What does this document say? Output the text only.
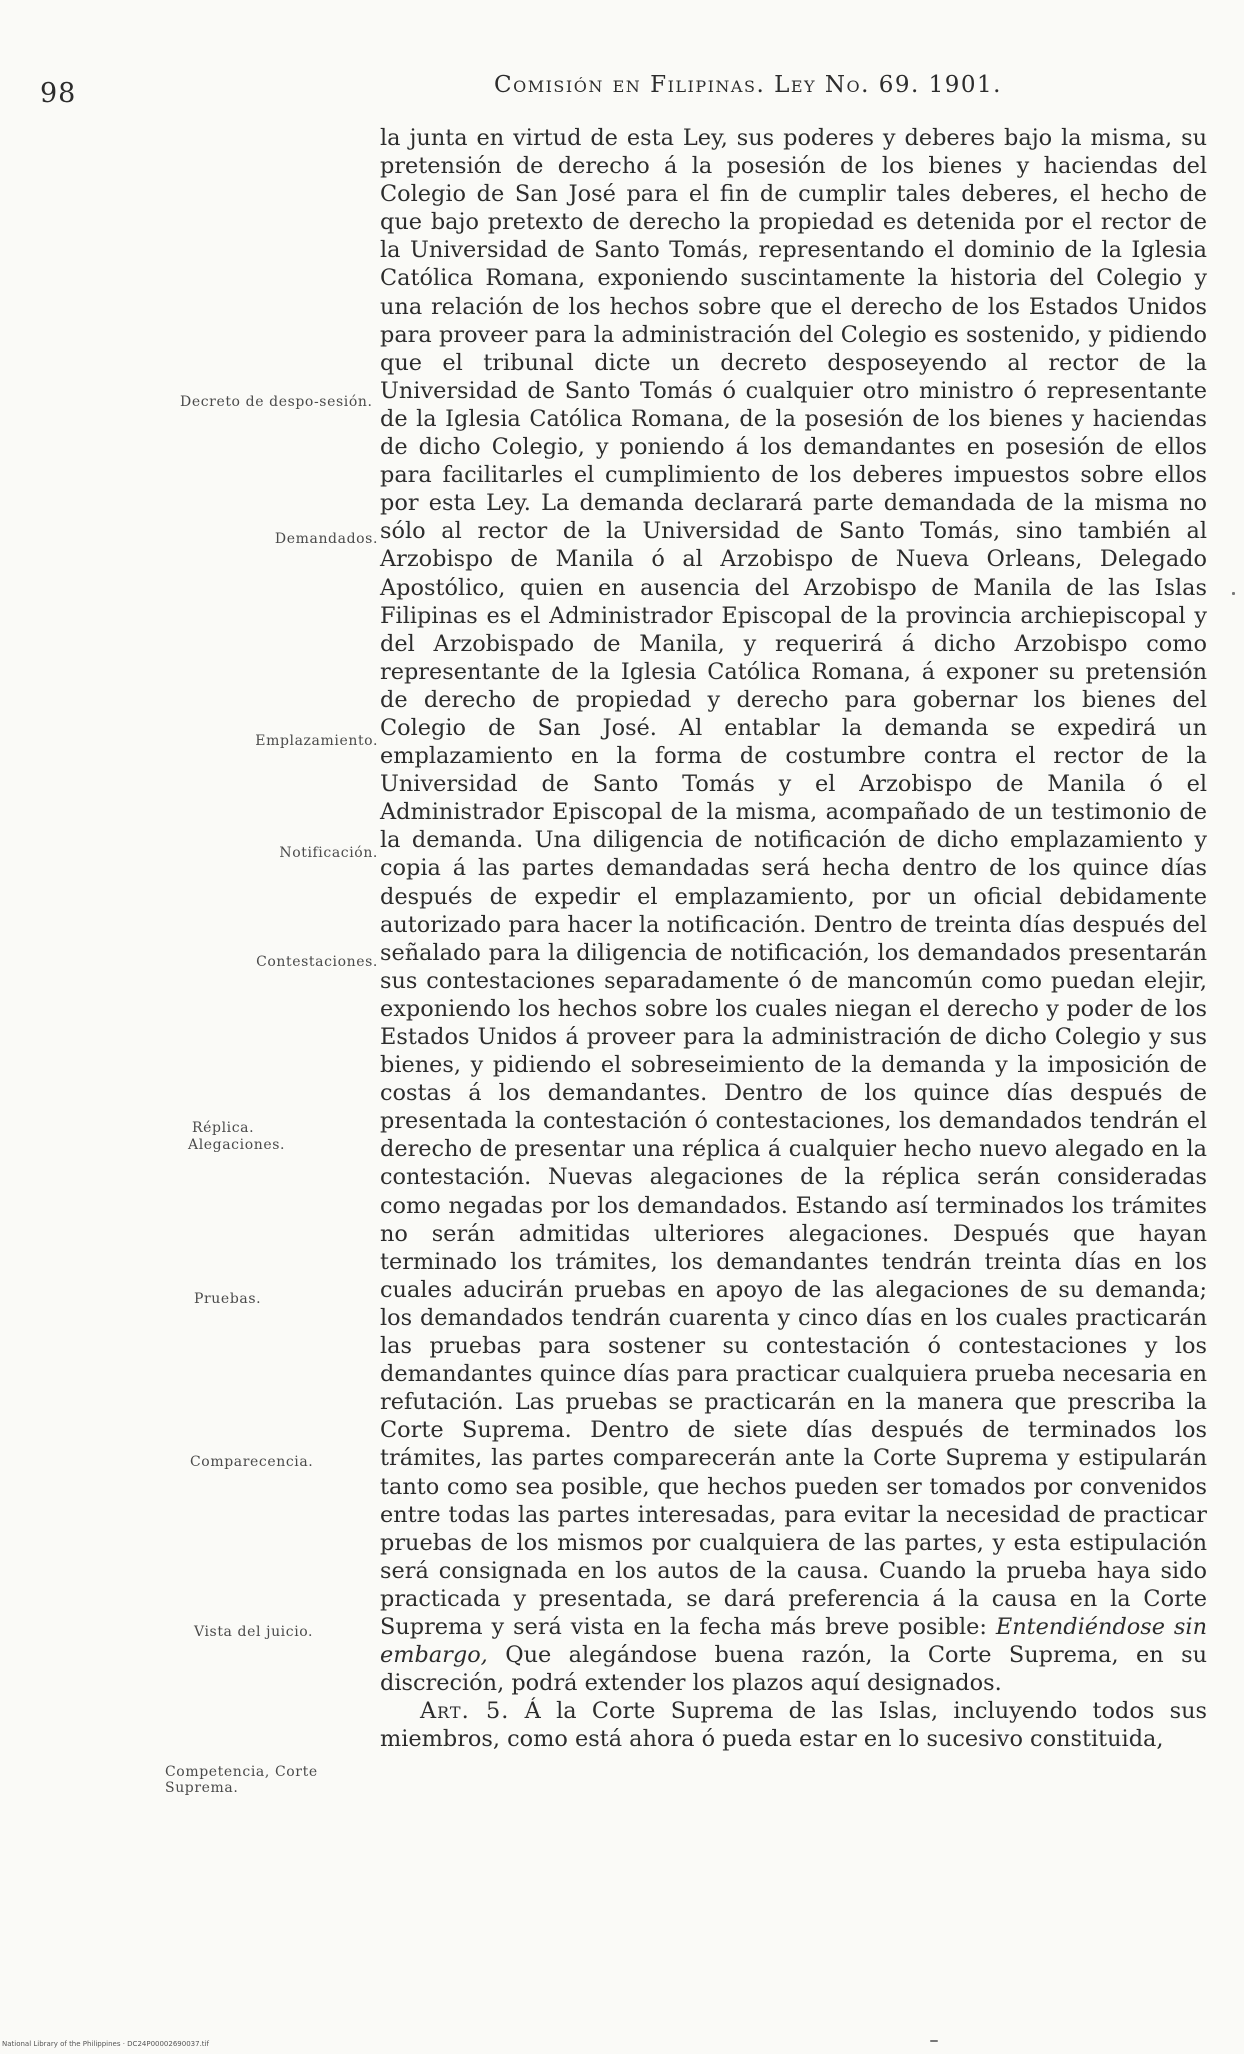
98	Comisión en Filipinas. Ley No. 69. 1901.
Decreto de despo-sesión.
Demandados.
Emplazamiento.
Notificación.
Contestaciones.
Réplica.
Alegaciones.
Pruebas.
Comparecencia.
Vista del juicio.
Competencia, Corte Suprema.

la junta en virtud de esta Ley, sus poderes y deberes bajo la misma, su pretensión de derecho á la posesión de los bienes y haciendas del Colegio de San José para el fin de cumplir tales deberes, el hecho de que bajo pretexto de derecho la propiedad es detenida por el rector de la Universidad de Santo Tomás, representando el dominio de la Iglesia Católica Romana, exponiendo suscintamente la historia del Colegio y una relación de los hechos sobre que el derecho de los Estados Unidos para proveer para la administración del Colegio es sostenido, y pidiendo que el tribunal dicte un decreto desposeyendo al rector de la Universidad de Santo Tomás ó cualquier otro ministro ó representante de la Iglesia Católica Romana, de la posesión de los bienes y haciendas de dicho Colegio, y poniendo á los demandantes en posesión de ellos para facilitarles el cumplimiento de los deberes impuestos sobre ellos por esta Ley. La demanda declarará parte demandada de la misma no sólo al rector de la Universidad de Santo Tomás, sino también al Arzobispo de Manila ó al Arzobispo de Nueva Orleans, Delegado Apostólico, quien en ausencia del Arzobispo de Manila de las Islas Filipinas es el Administrador Episcopal de la provincia archiepiscopal y del Arzobispado de Manila, y requerirá á dicho Arzobispo como representante de la Iglesia Católica Romana, á exponer su pretensión de derecho de propiedad y derecho para gobernar los bienes del Colegio de San José. Al entablar la demanda se expedirá un emplazamiento en la forma de costumbre contra el rector de la Universidad de Santo Tomás y el Arzobispo de Manila ó el Administrador Episcopal de la misma, acompañado de un testimonio de la demanda. Una diligencia de notificación de dicho emplazamiento y copia á las partes demandadas será hecha dentro de los quince días después de expedir el emplazamiento, por un oficial debidamente autorizado para hacer la notificación. Dentro de treinta días después del señalado para la diligencia de notificación, los demandados presentarán sus contestaciones separadamente ó de mancomún como puedan elejir, exponiendo los hechos sobre los cuales niegan el derecho y poder de los Estados Unidos á proveer para la administración de dicho Colegio y sus bienes, y pidiendo el sobreseimiento de la demanda y la imposición de costas á los demandantes. Dentro de los quince días después de presentada la contestación ó contestaciones, los demandados tendrán el derecho de presentar una réplica á cualquier hecho nuevo alegado en la contestación. Nuevas alegaciones de la réplica serán consideradas como negadas por los demandados. Estando así terminados los trámites no serán admitidas ulteriores alegaciones. Después que hayan terminado los trámites, los demandantes tendrán treinta días en los cuales aducirán pruebas en apoyo de las alegaciones de su demanda; los demandados tendrán cuarenta y cinco días en los cuales practicarán las pruebas para sostener su contestación ó contestaciones y los demandantes quince días para practicar cualquiera prueba necesaria en refutación. Las pruebas se practicarán en la manera que prescriba la Corte Suprema. Dentro de siete días después de terminados los trámites, las partes comparecerán ante la Corte Suprema y estipularán tanto como sea posible, que hechos pueden ser tomados por convenidos entre todas las partes interesadas, para evitar la necesidad de practicar pruebas de los mismos por cualquiera de las partes, y esta estipulación será consignada en los autos de la causa. Cuando la prueba haya sido practicada y presentada, se dará preferencia á la causa en la Corte Suprema y será vista en la fecha más breve posible: Entendiéndose sin embargo, Que alegándose buena razón, la Corte Suprema, en su discreción, podrá extender los plazos aquí designados.

Art. 5. Á la Corte Suprema de las Islas, incluyendo todos sus miembros, como está ahora ó pueda estar en lo sucesivo constituida,

National Library of the Philippines · DC24P00002690037.tif
